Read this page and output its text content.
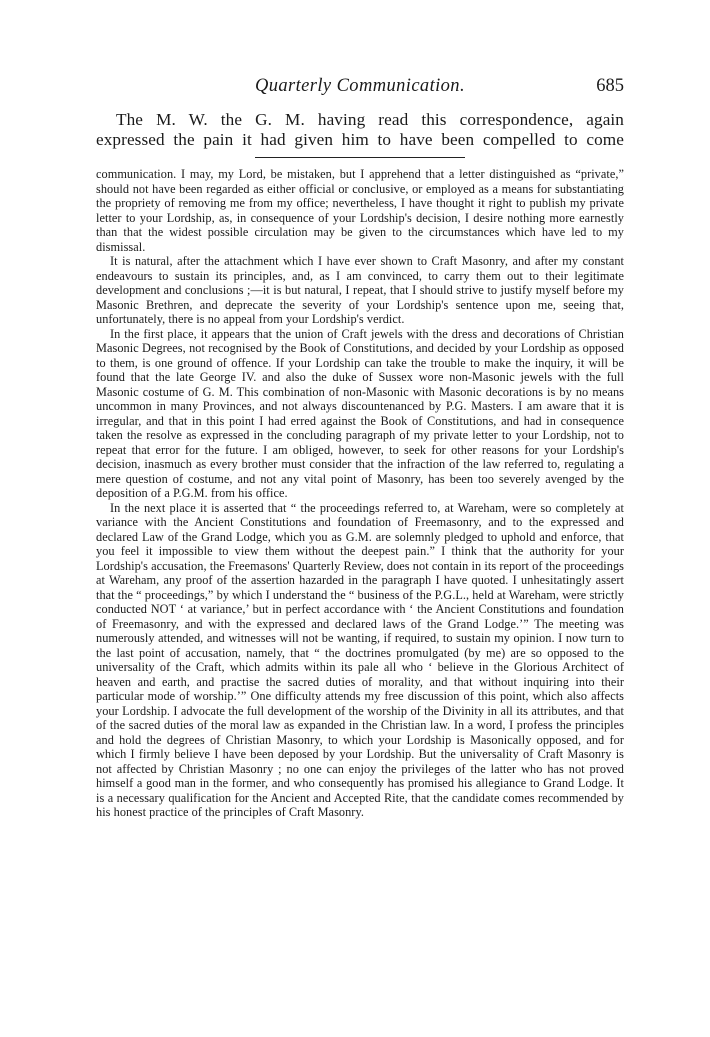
Quarterly Communication.	685

The M. W. the G. M. having read this correspondence, again

expressed the pain it had given him to have been compelled to come

communication. I may, my Lord, be mistaken, but I apprehend that a letter distinguished as “private,” should not have been regarded as either official or conclusive, or employed as a means for substantiating the propriety of removing me from my office; nevertheless, I have thought it right to publish my private letter to your Lordship, as, in consequence of your Lordship's decision, I desire nothing more earnestly than that the widest possible circulation may be given to the circumstances which have led to my dismissal.

It is natural, after the attachment which I have ever shown to Craft Masonry, and after my constant endeavours to sustain its principles, and, as I am convinced, to carry them out to their legitimate development and conclusions ;—it is but natural, I repeat, that I should strive to justify myself before my Masonic Brethren, and deprecate the severity of your Lordship's sentence upon me, seeing that, unfortunately, there is no appeal from your Lordship's verdict.

In the first place, it appears that the union of Craft jewels with the dress and decorations of Christian Masonic Degrees, not recognised by the Book of Constitutions, and decided by your Lordship as opposed to them, is one ground of offence. If your Lordship can take the trouble to make the inquiry, it will be found that the late George IV. and also the duke of Sussex wore non-Masonic jewels with the full Masonic costume of G. M. This combination of non-Masonic with Masonic decorations is by no means uncommon in many Provinces, and not always discountenanced by P.G. Masters. I am aware that it is irregular, and that in this point I had erred against the Book of Constitutions, and had in consequence taken the resolve as expressed in the concluding paragraph of my private letter to your Lordship, not to repeat that error for the future. I am obliged, however, to seek for other reasons for your Lordship's decision, inasmuch as every brother must consider that the infraction of the law referred to, regulating a mere question of costume, and not any vital point of Masonry, has been too severely avenged by the deposition of a P.G.M. from his office.

In the next place it is asserted that “ the proceedings referred to, at Wareham, were so completely at variance with the Ancient Constitutions and foundation of Freemasonry, and to the expressed and declared Law of the Grand Lodge, which you as G.M. are solemnly pledged to uphold and enforce, that you feel it impossible to view them without the deepest pain.” I think that the authority for your Lordship's accusation, the Freemasons' Quarterly Review, does not contain in its report of the proceedings at Wareham, any proof of the assertion hazarded in the paragraph I have quoted. I unhesitatingly assert that the “ proceedings,” by which I understand the “ business of the P.G.L., held at Wareham, were strictly conducted NOT ‘ at variance,’ but in perfect accordance with ‘ the Ancient Constitutions and foundation of Freemasonry, and with the expressed and declared laws of the Grand Lodge.’” The meeting was numerously attended, and witnesses will not be wanting, if required, to sustain my opinion. I now turn to the last point of accusation, namely, that “ the doctrines promulgated (by me) are so opposed to the universality of the Craft, which admits within its pale all who ‘ believe in the Glorious Architect of heaven and earth, and practise the sacred duties of morality, and that without inquiring into their particular mode of worship.’” One difficulty attends my free discussion of this point, which also affects your Lordship. I advocate the full development of the worship of the Divinity in all its attributes, and that of the sacred duties of the moral law as expanded in the Christian law. In a word, I profess the principles and hold the degrees of Christian Masonry, to which your Lordship is Masonically opposed, and for which I firmly believe I have been deposed by your Lordship. But the universality of Craft Masonry is not affected by Christian Masonry ; no one can enjoy the privileges of the latter who has not proved himself a good man in the former, and who consequently has promised his allegiance to Grand Lodge. It is a necessary qualification for the Ancient and Accepted Rite, that the candidate comes recommended by his honest practice of the principles of Craft Masonry.
